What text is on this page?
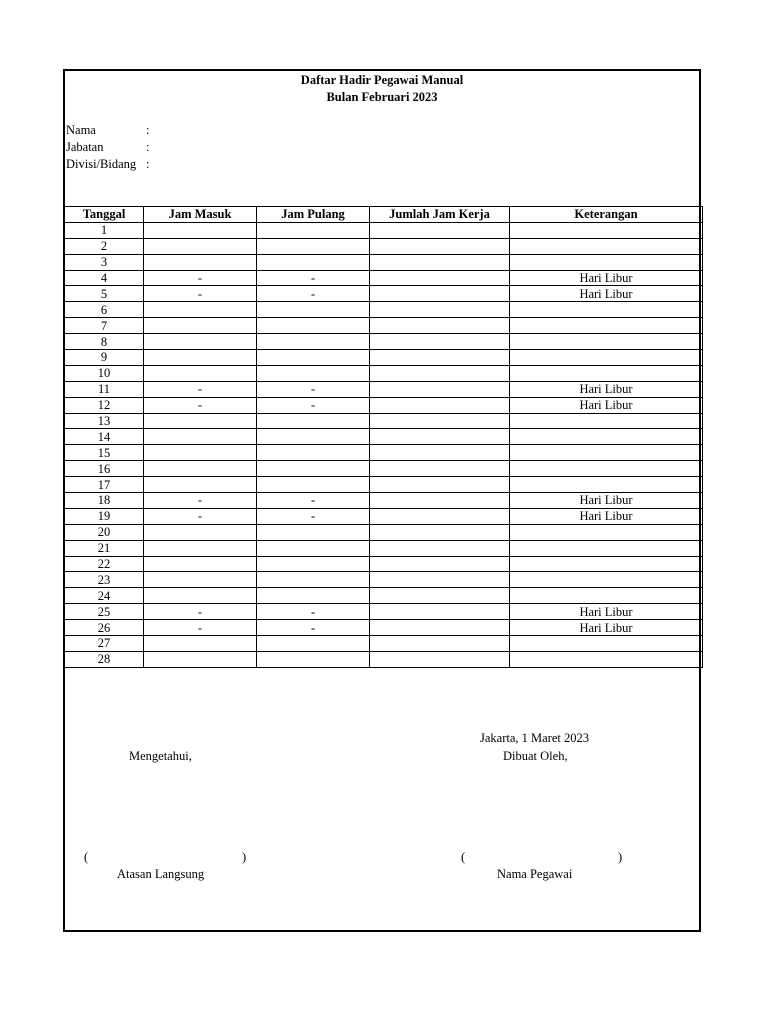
Daftar Hadir Pegawai Manual
Bulan Februari 2023
Nama	:
Jabatan	:
Divisi/Bidang :
Tanggal	Jam Masuk	Jam Pulang	Jumlah Jam Kerja	Keterangan
1				
2				
3				
4	-	-		Hari Libur
5	-	-		Hari Libur
6				
7				
8				
9				
10				
11	-	-		Hari Libur
12	-	-		Hari Libur
13				
14				
15				
16				
17				
18	-	-		Hari Libur
19	-	-		Hari Libur
20				
21				
22				
23				
24				
25	-	-		Hari Libur
26	-	-		Hari Libur
27				
28				
Jakarta, 1 Maret 2023
Mengetahui,	Dibuat Oleh,
(	)	(	)
Atasan Langsung	Nama Pegawai
